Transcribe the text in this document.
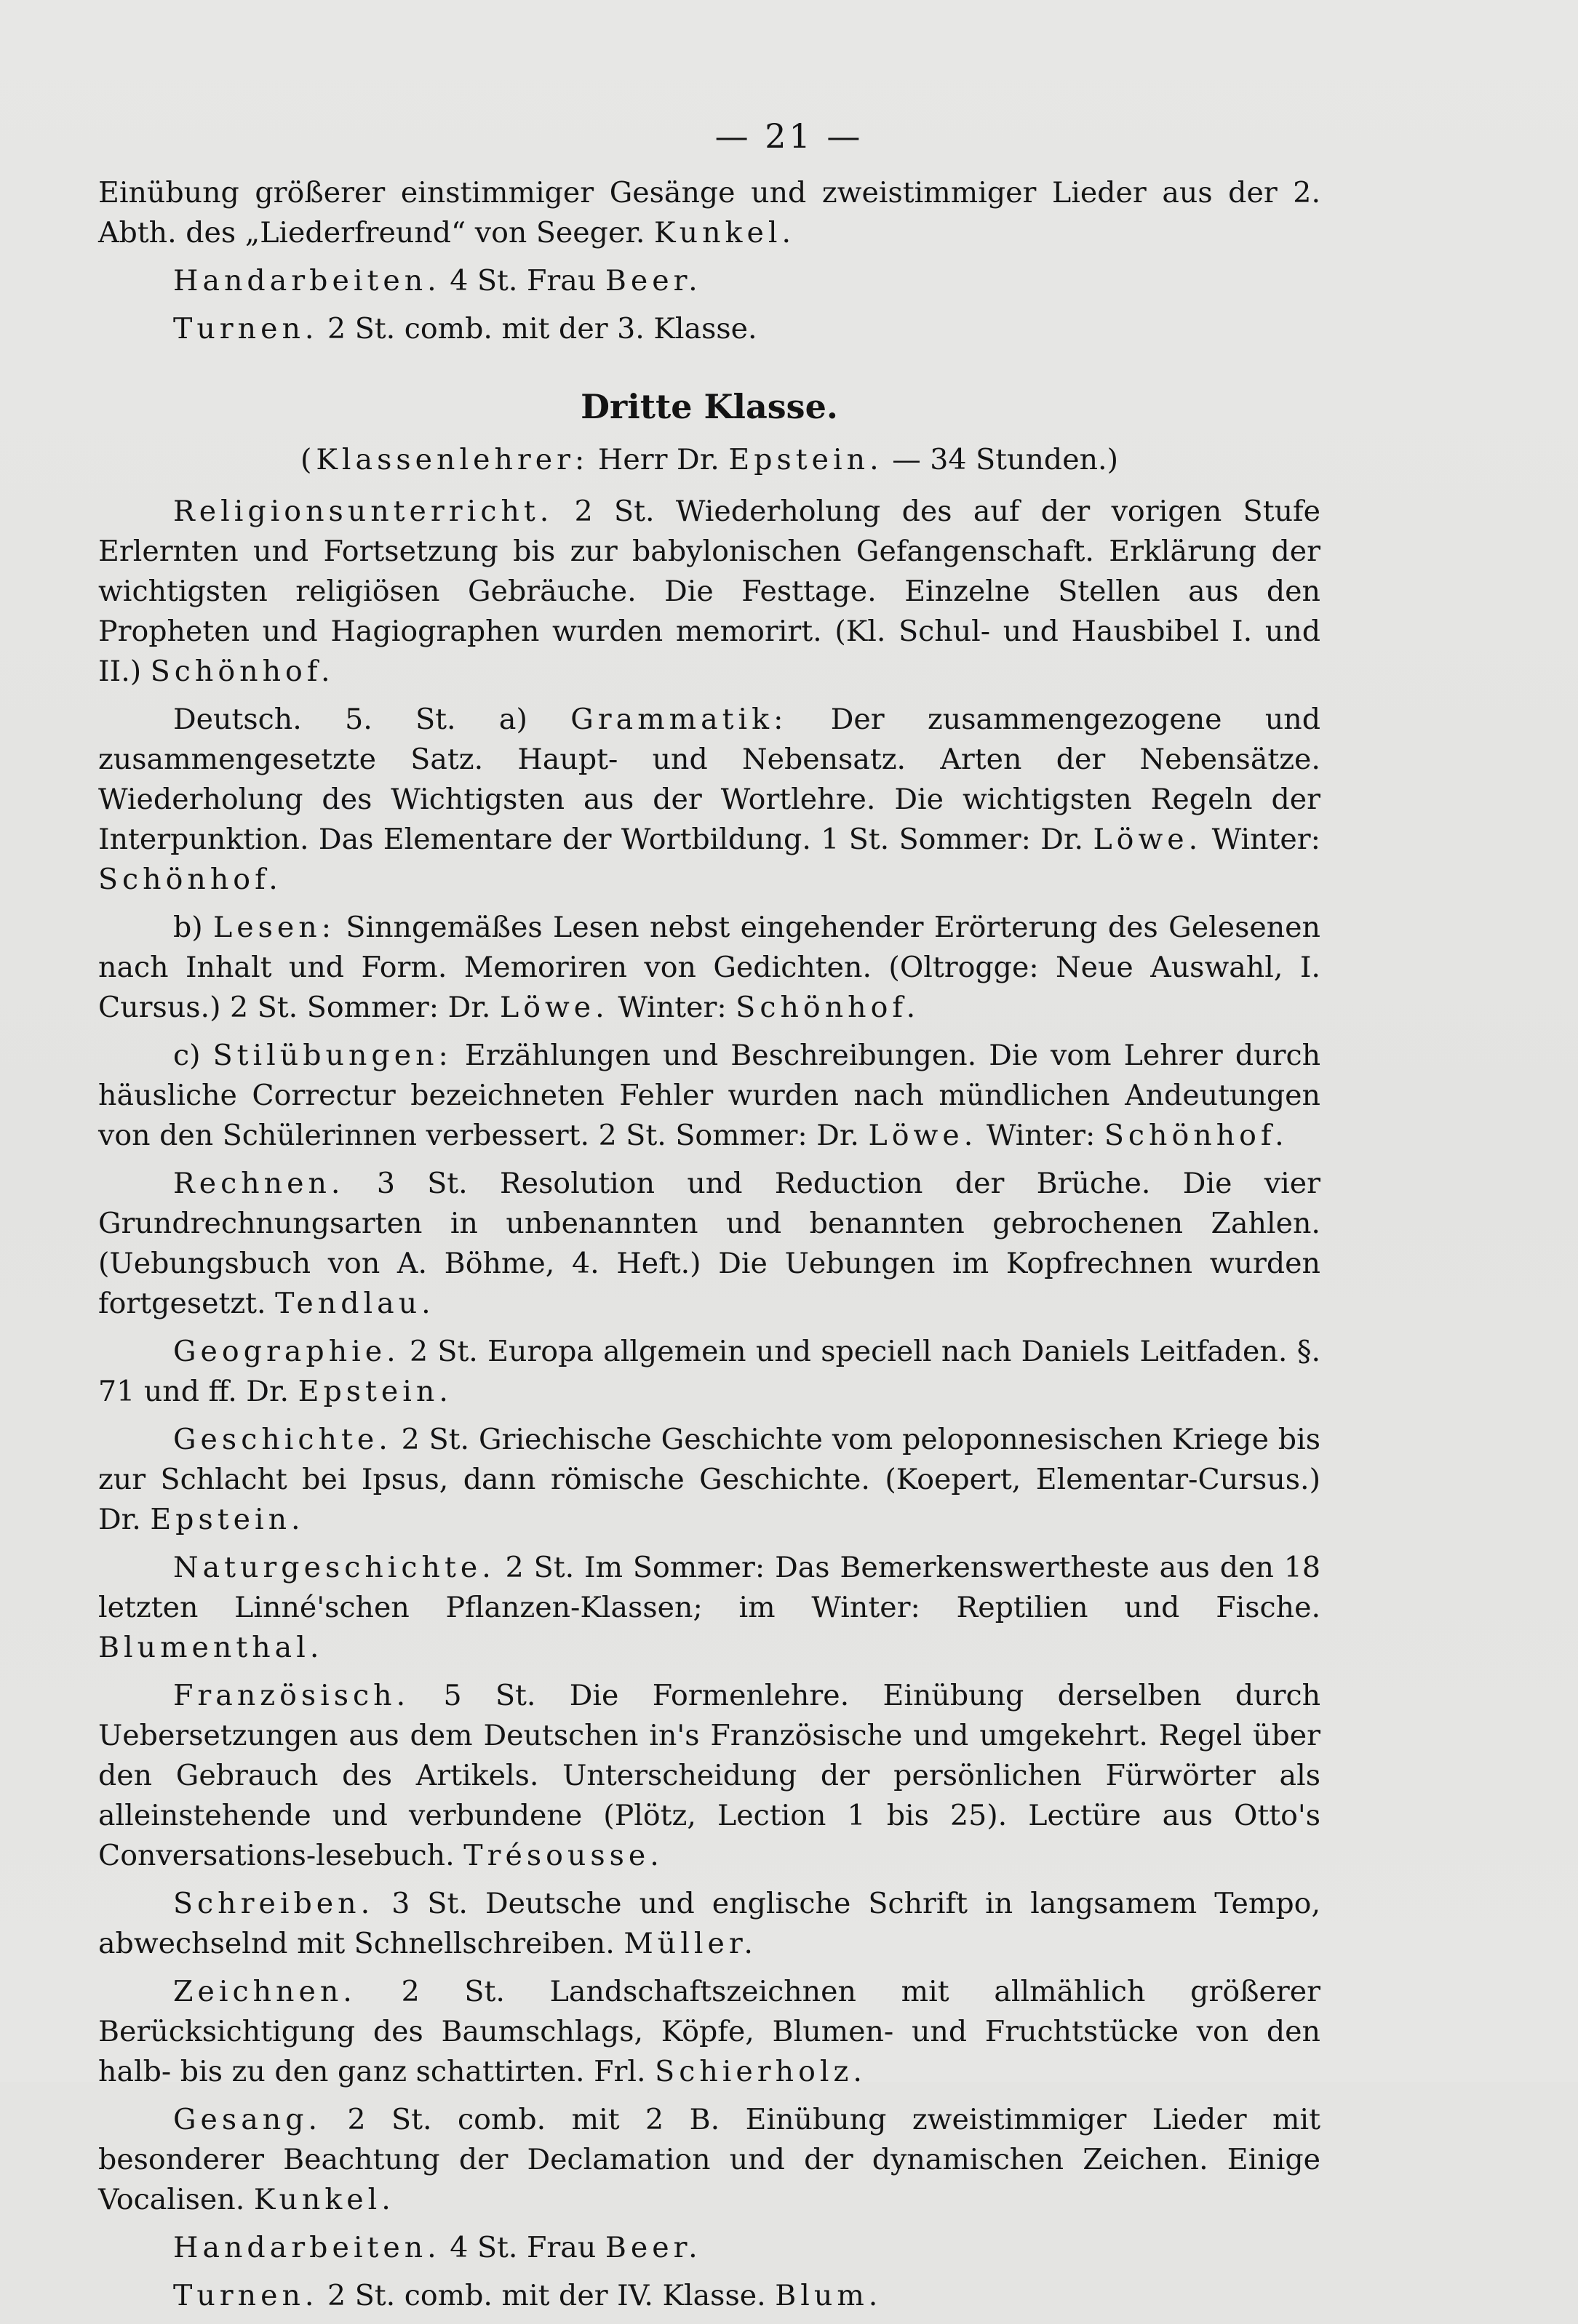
— 21 —

Einübung größerer einstimmiger Gesänge und zweistimmiger Lieder aus der 2. Abth. des „Liederfreund“ von Seeger. Kunkel.

Handarbeiten. 4 St. Frau Beer.

Turnen. 2 St. comb. mit der 3. Klasse.

Dritte Klasse.

(Klassenlehrer: Herr Dr. Epstein. — 34 Stunden.)

Religionsunterricht. 2 St. Wiederholung des auf der vorigen Stufe Erlernten und Fortsetzung bis zur babylonischen Gefangenschaft. Erklärung der wichtigsten religiösen Gebräuche. Die Festtage. Einzelne Stellen aus den Propheten und Hagiographen wurden memorirt. (Kl. Schul- und Hausbibel I. und II.) Schönhof.

Deutsch. 5. St. a) Grammatik: Der zusammengezogene und zusammengesetzte Satz. Haupt- und Nebensatz. Arten der Nebensätze. Wiederholung des Wichtigsten aus der Wortlehre. Die wichtigsten Regeln der Interpunktion. Das Elementare der Wortbildung. 1 St. Sommer: Dr. Löwe. Winter: Schönhof.

b) Lesen: Sinngemäßes Lesen nebst eingehender Erörterung des Gelesenen nach Inhalt und Form. Memoriren von Gedichten. (Oltrogge: Neue Auswahl, I. Cursus.) 2 St. Sommer: Dr. Löwe. Winter: Schönhof.

c) Stilübungen: Erzählungen und Beschreibungen. Die vom Lehrer durch häusliche Correctur bezeichneten Fehler wurden nach mündlichen Andeutungen von den Schülerinnen verbessert. 2 St. Sommer: Dr. Löwe. Winter: Schönhof.

Rechnen. 3 St. Resolution und Reduction der Brüche. Die vier Grundrechnungsarten in unbenannten und benannten gebrochenen Zahlen. (Uebungsbuch von A. Böhme, 4. Heft.) Die Uebungen im Kopfrechnen wurden fortgesetzt. Tendlau.

Geographie. 2 St. Europa allgemein und speciell nach Daniels Leitfaden. §. 71 und ff. Dr. Epstein.

Geschichte. 2 St. Griechische Geschichte vom peloponnesischen Kriege bis zur Schlacht bei Ipsus, dann römische Geschichte. (Koepert, Elementar-Cursus.) Dr. Epstein.

Naturgeschichte. 2 St. Im Sommer: Das Bemerkenswertheste aus den 18 letzten Linné'schen Pflanzen-Klassen; im Winter: Reptilien und Fische. Blumenthal.

Französisch. 5 St. Die Formenlehre. Einübung derselben durch Uebersetzungen aus dem Deutschen in's Französische und umgekehrt. Regel über den Gebrauch des Artikels. Unterscheidung der persönlichen Fürwörter als alleinstehende und verbundene (Plötz, Lection 1 bis 25). Lectüre aus Otto's Conversations-lesebuch. Trésousse.

Schreiben. 3 St. Deutsche und englische Schrift in langsamem Tempo, abwechselnd mit Schnellschreiben. Müller.

Zeichnen. 2 St. Landschaftszeichnen mit allmählich größerer Berücksichtigung des Baumschlags, Köpfe, Blumen- und Fruchtstücke von den halb- bis zu den ganz schattirten. Frl. Schierholz.

Gesang. 2 St. comb. mit 2 B. Einübung zweistimmiger Lieder mit besonderer Beachtung der Declamation und der dynamischen Zeichen. Einige Vocalisen. Kunkel.

Handarbeiten. 4 St. Frau Beer.

Turnen. 2 St. comb. mit der IV. Klasse. Blum.
